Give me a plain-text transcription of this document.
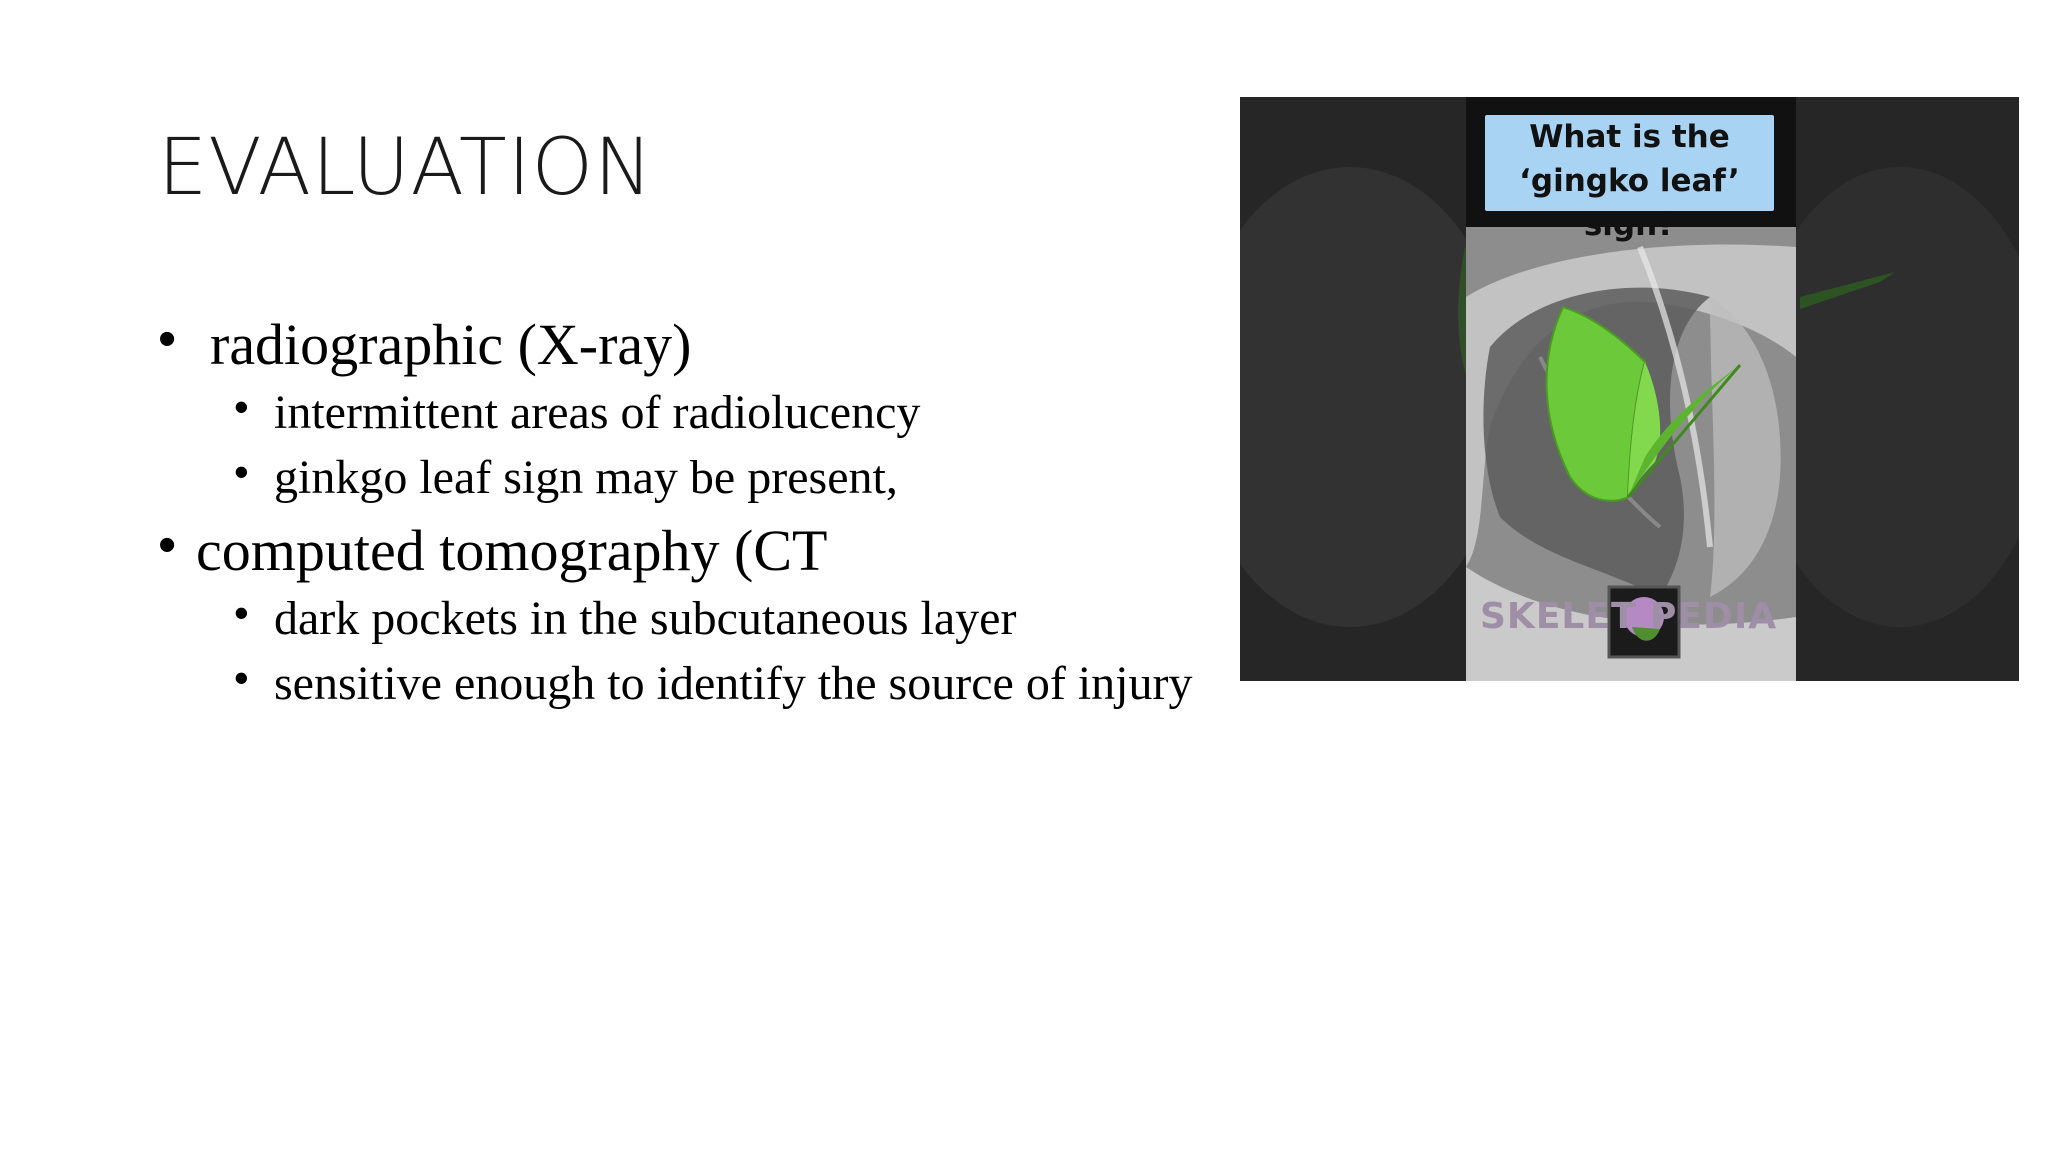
EVALUATION
• radiographic (X-ray)
• intermittent areas of radiolucency
• ginkgo leaf sign may be present,
• computed tomography (CT
• dark pockets in the subcutaneous layer
• sensitive enough to identify the source of injury
What is the
‘gingko leaf’ sign?
SKELET PEDIA
